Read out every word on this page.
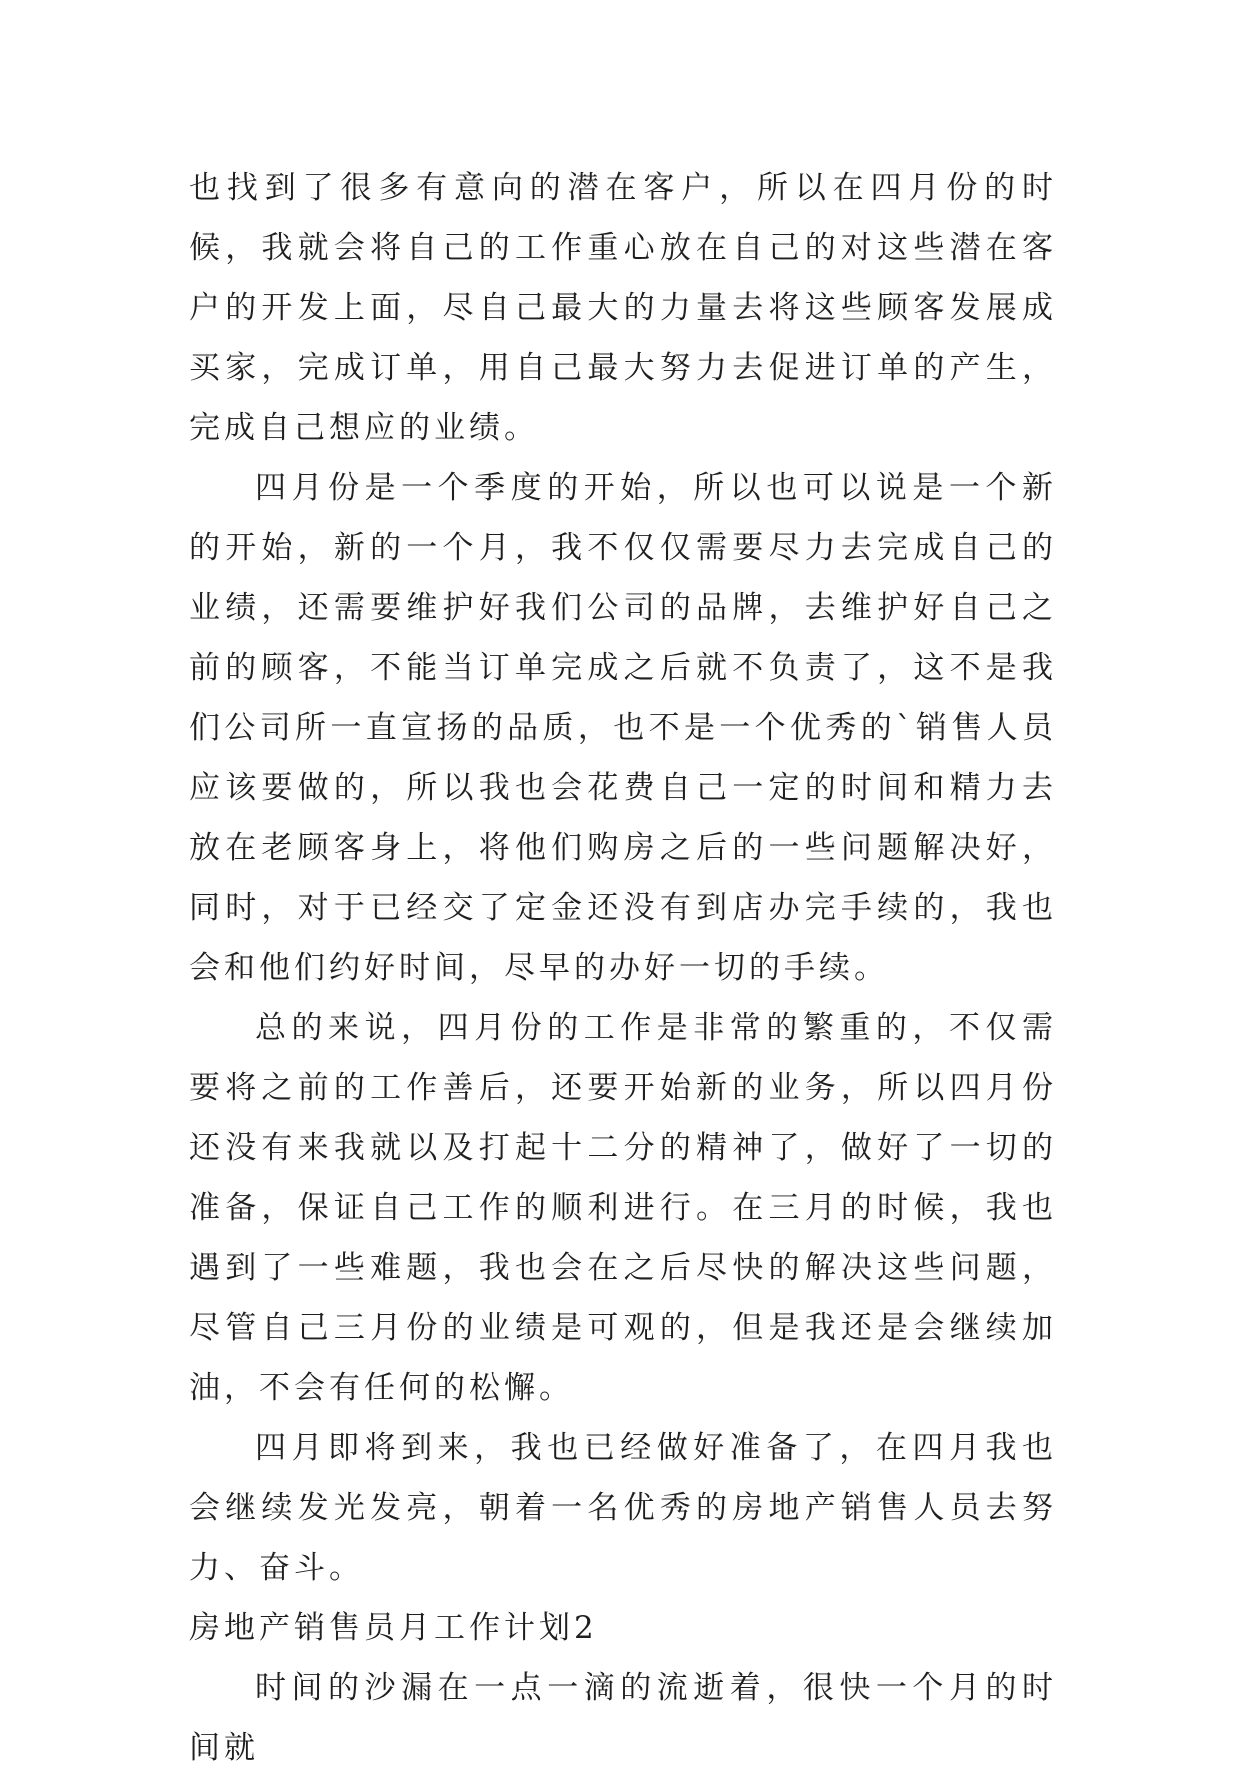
也找到了很多有意向的潜在客户，所以在四月份的时候，我就会将自己的工作重心放在自己的对这些潜在客户的开发上面，尽自己最大的力量去将这些顾客发展成买家，完成订单，用自己最大努力去促进订单的产生，完成自己想应的业绩。

四月份是一个季度的开始，所以也可以说是一个新的开始，新的一个月，我不仅仅需要尽力去完成自己的业绩，还需要维护好我们公司的品牌，去维护好自己之前的顾客，不能当订单完成之后就不负责了，这不是我们公司所一直宣扬的品质，也不是一个优秀的`销售人员应该要做的，所以我也会花费自己一定的时间和精力去放在老顾客身上，将他们购房之后的一些问题解决好，同时，对于已经交了定金还没有到店办完手续的，我也会和他们约好时间，尽早的办好一切的手续。

总的来说，四月份的工作是非常的繁重的，不仅需要将之前的工作善后，还要开始新的业务，所以四月份还没有来我就以及打起十二分的精神了，做好了一切的准备，保证自己工作的顺利进行。在三月的时候，我也遇到了一些难题，我也会在之后尽快的解决这些问题，尽管自己三月份的业绩是可观的，但是我还是会继续加油，不会有任何的松懈。

四月即将到来，我也已经做好准备了，在四月我也会继续发光发亮，朝着一名优秀的房地产销售人员去努力、奋斗。

房地产销售员月工作计划2

时间的沙漏在一点一滴的流逝着，很快一个月的时间就
